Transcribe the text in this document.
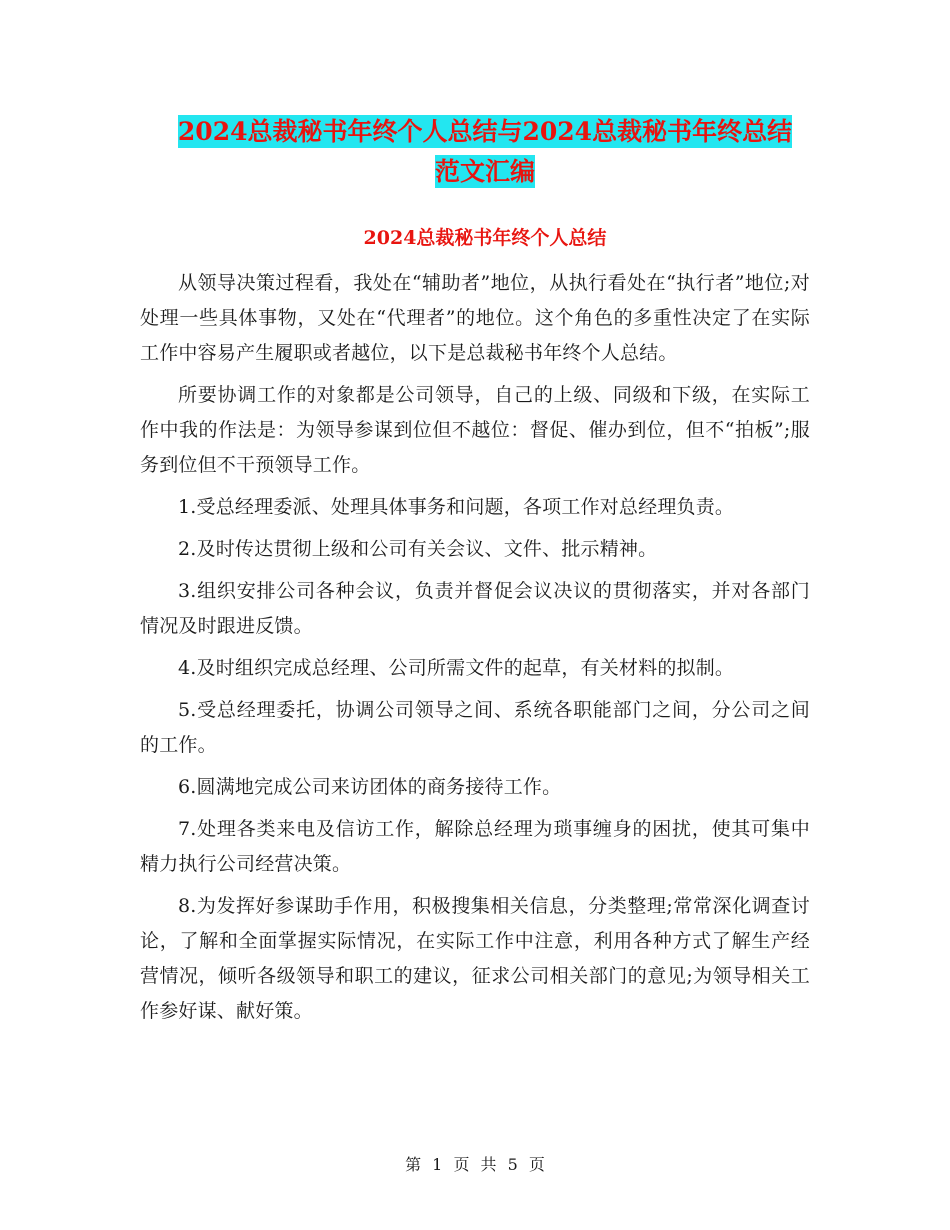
2024总裁秘书年终个人总结与2024总裁秘书年终总结
范文汇编
2024总裁秘书年终个人总结

从领导决策过程看，我处在“辅助者”地位，从执行看处在“执行者”地位;对处理一些具体事物，又处在“代理者”的地位。这个角色的多重性决定了在实际工作中容易产生履职或者越位，以下是总裁秘书年终个人总结。

所要协调工作的对象都是公司领导，自己的上级、同级和下级，在实际工作中我的作法是：为领导参谋到位但不越位：督促、催办到位，但不“拍板”;服务到位但不干预领导工作。

1.受总经理委派、处理具体事务和问题，各项工作对总经理负责。

2.及时传达贯彻上级和公司有关会议、文件、批示精神。

3.组织安排公司各种会议，负责并督促会议决议的贯彻落实，并对各部门情况及时跟进反馈。

4.及时组织完成总经理、公司所需文件的起草，有关材料的拟制。

5.受总经理委托，协调公司领导之间、系统各职能部门之间，分公司之间的工作。

6.圆满地完成公司来访团体的商务接待工作。

7.处理各类来电及信访工作，解除总经理为琐事缠身的困扰，使其可集中精力执行公司经营决策。

8.为发挥好参谋助手作用，积极搜集相关信息，分类整理;常常深化调查讨论，了解和全面掌握实际情况，在实际工作中注意，利用各种方式了解生产经营情况，倾听各级领导和职工的建议，征求公司相关部门的意见;为领导相关工作参好谋、献好策。

第 1 页 共 5 页
